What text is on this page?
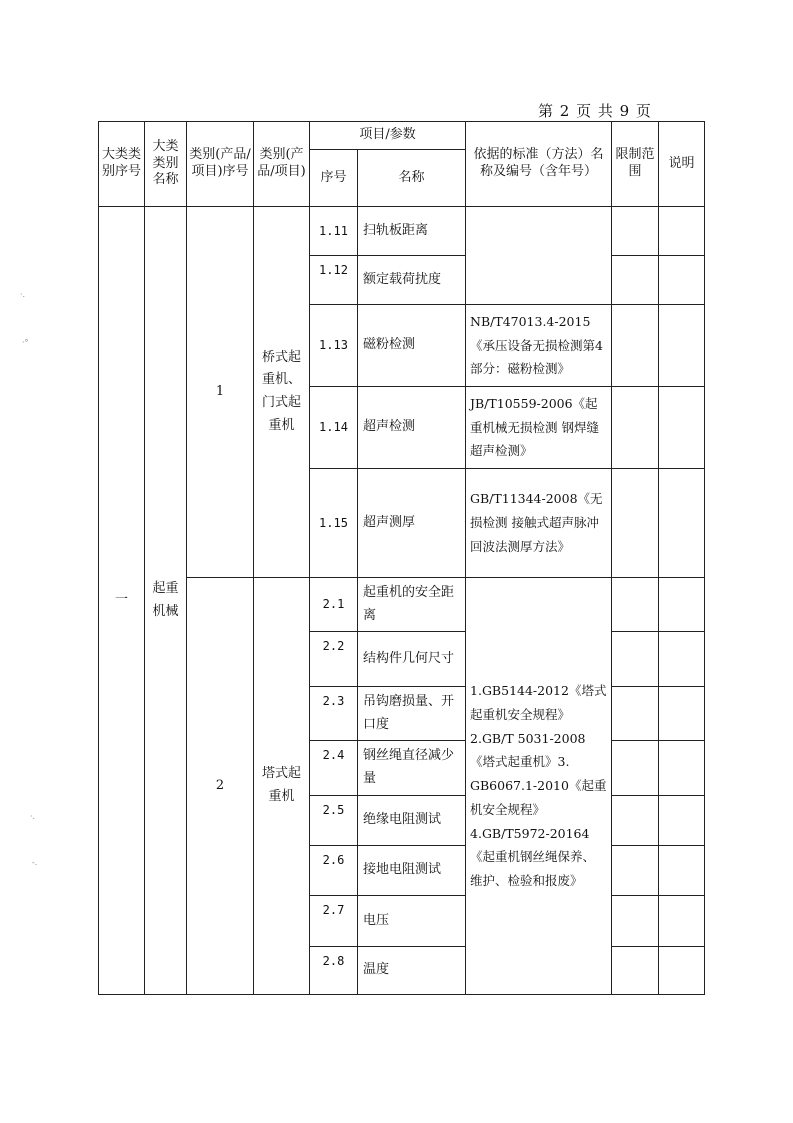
第 2 页 共 9 页
大类类别序号	大类类别名称	类别(产品/项目)序号	类别(产品/项目)	项目/参数		依据的标准（方法）名称及编号（含年号）	限制范围	说明
				序号	名称			
一	起重机械	1	桥式起重机、门式起重机	1.11	扫轨板距离			
				1.12	额定载荷扰度			
				1.13	磁粉检测	NB/T47013.4-2015《承压设备无损检测第4部分：磁粉检测》		
				1.14	超声检测	JB/T10559-2006《起重机械无损检测 钢焊缝超声检测》		
				1.15	超声测厚	GB/T11344-2008《无损检测 接触式超声脉冲回波法测厚方法》		
		2	塔式起重机	2.1	起重机的安全距离	1.GB5144-2012《塔式起重机安全规程》2.GB/T 5031-2008《塔式起重机》3. GB6067.1-2010《起重机安全规程》4.GB/T5972-20164《起重机钢丝绳保养、维护、检验和报废》		
				2.2	结构件几何尺寸			
				2.3	吊钩磨损量、开口度			
				2.4	钢丝绳直径减少量			
				2.5	绝缘电阻测试			
				2.6	接地电阻测试			
				2.7	电压			
				2.8	温度			
·.
·°
·.
-.
